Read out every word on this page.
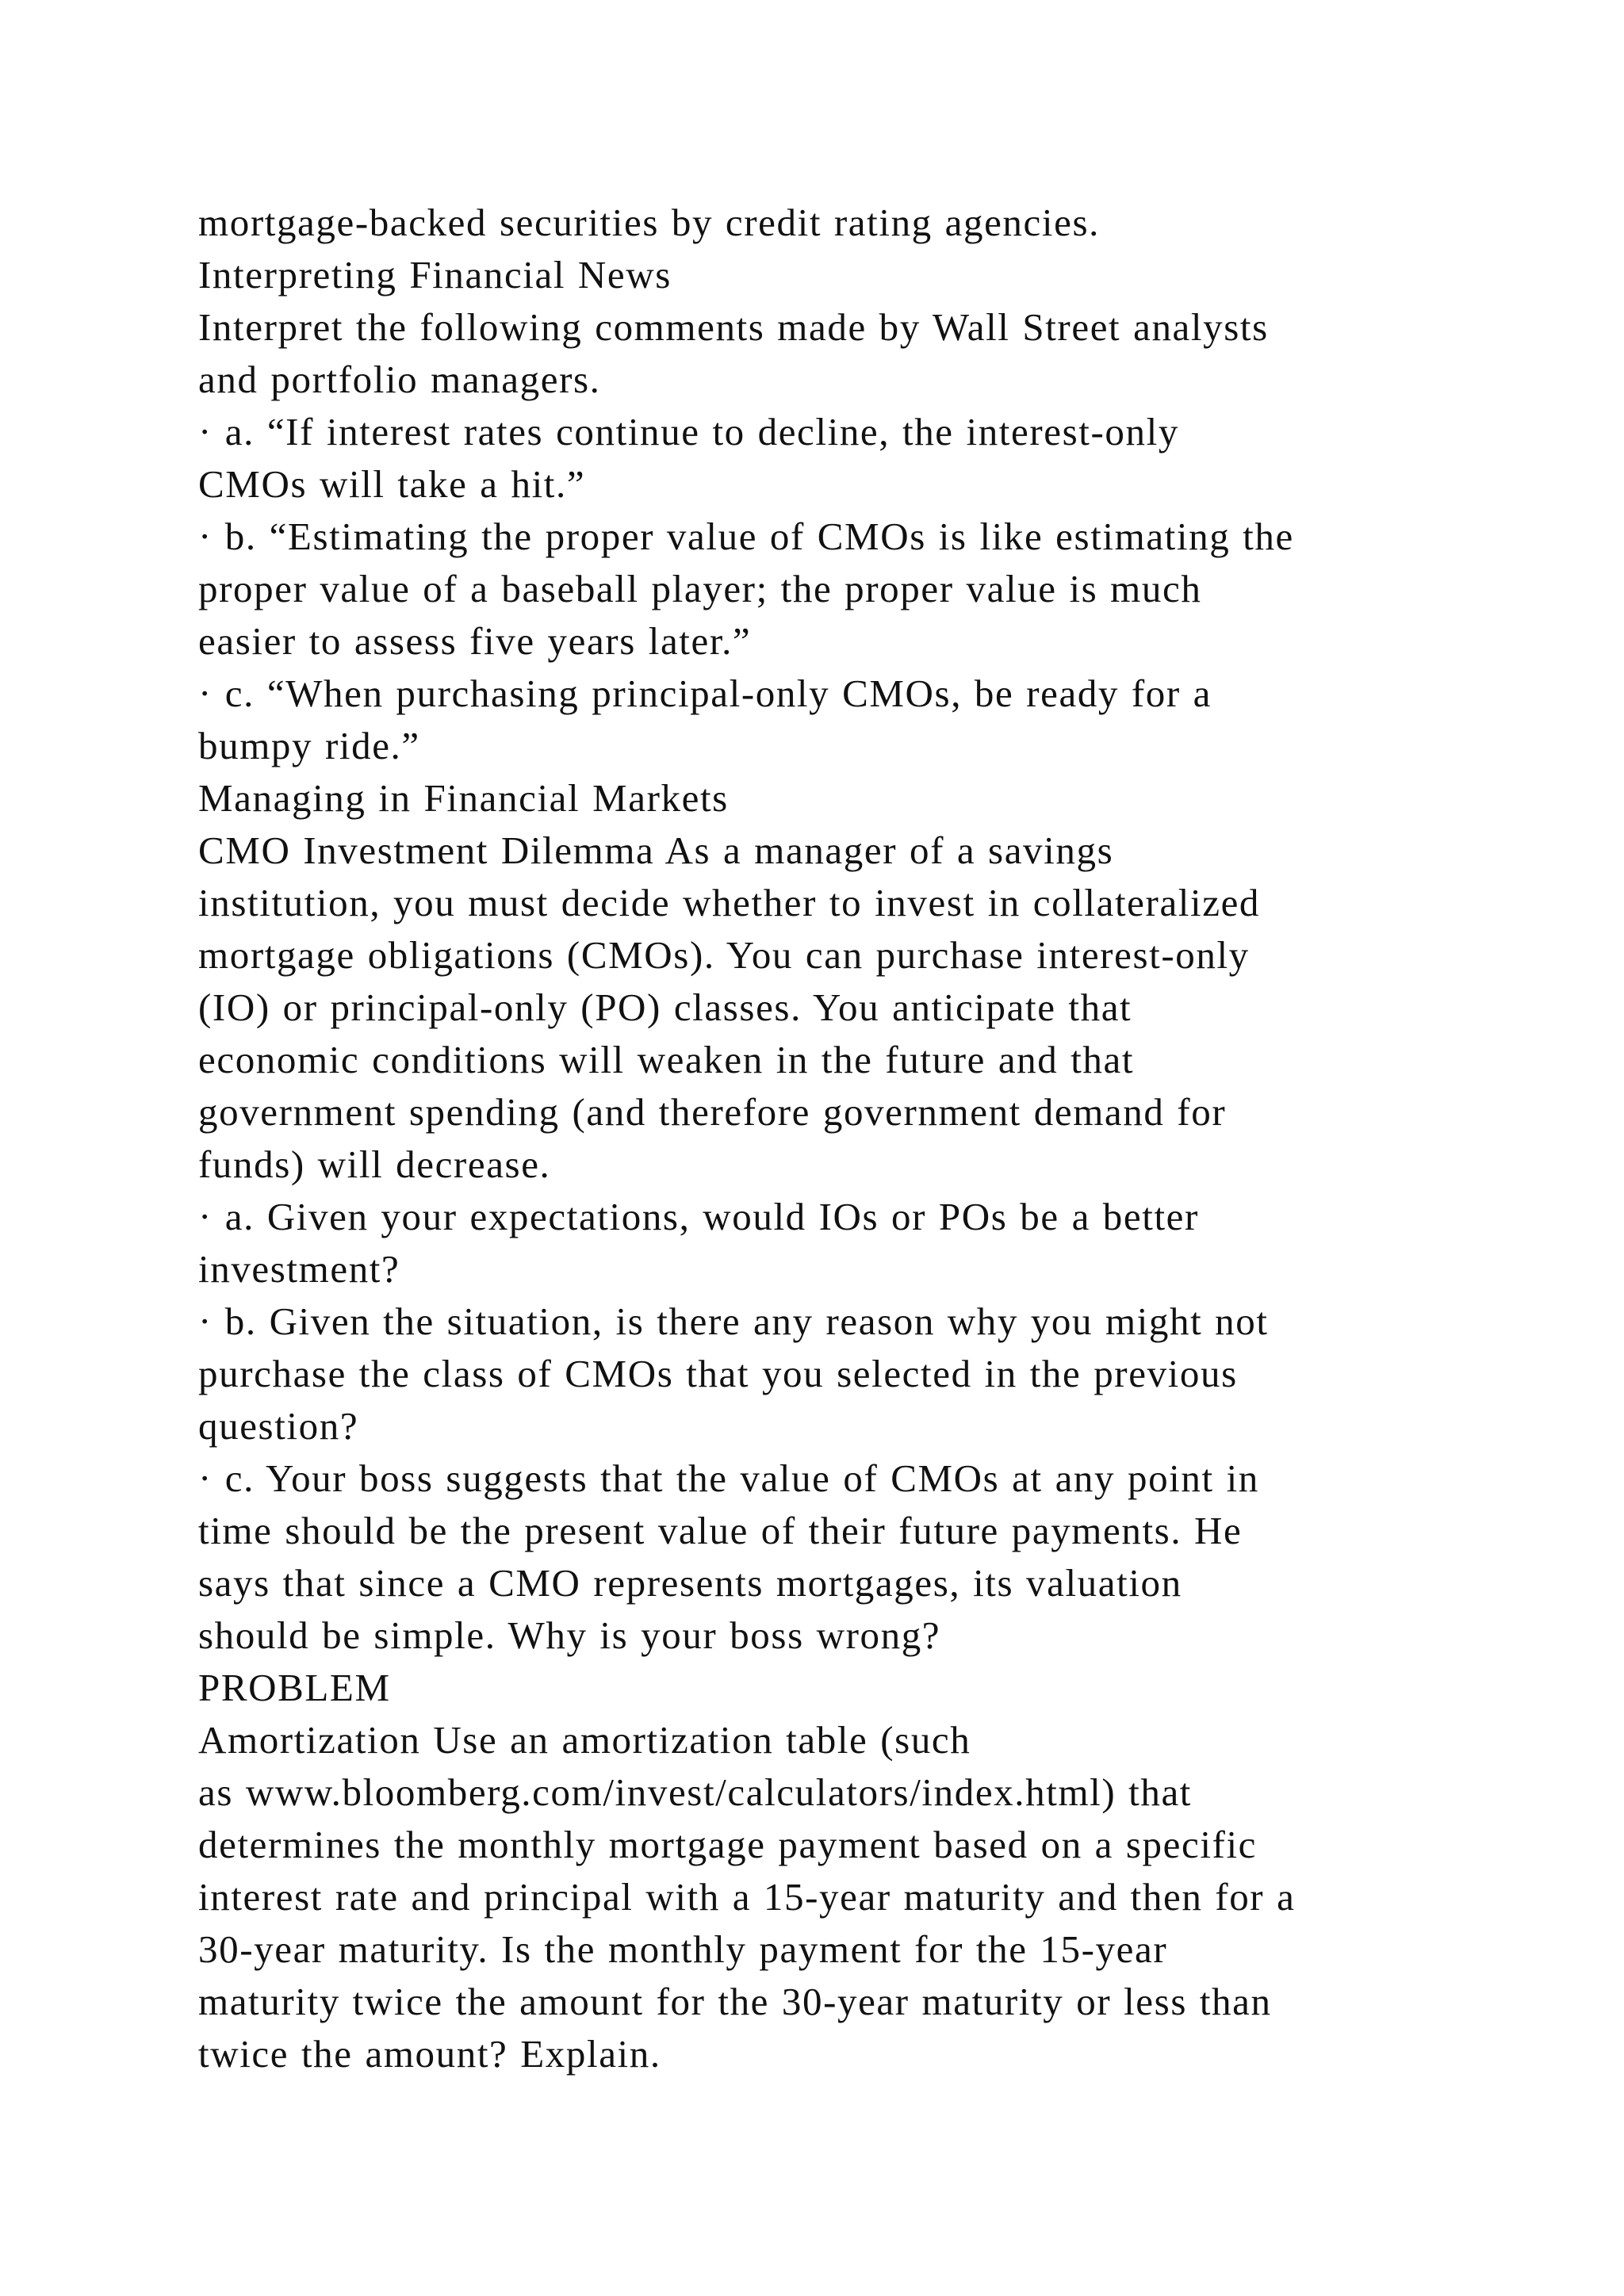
mortgage-backed securities by credit rating agencies.
Interpreting Financial News
Interpret the following comments made by Wall Street analysts
and portfolio managers.
· a. “If interest rates continue to decline, the interest-only
CMOs will take a hit.”
· b. “Estimating the proper value of CMOs is like estimating the
proper value of a baseball player; the proper value is much
easier to assess five years later.”
· c. “When purchasing principal-only CMOs, be ready for a
bumpy ride.”
Managing in Financial Markets
CMO Investment Dilemma As a manager of a savings
institution, you must decide whether to invest in collateralized
mortgage obligations (CMOs). You can purchase interest-only
(IO) or principal-only (PO) classes. You anticipate that
economic conditions will weaken in the future and that
government spending (and therefore government demand for
funds) will decrease.
· a. Given your expectations, would IOs or POs be a better
investment?
· b. Given the situation, is there any reason why you might not
purchase the class of CMOs that you selected in the previous
question?
· c. Your boss suggests that the value of CMOs at any point in
time should be the present value of their future payments. He
says that since a CMO represents mortgages, its valuation
should be simple. Why is your boss wrong?
PROBLEM
Amortization Use an amortization table (such
as www.bloomberg.com/invest/calculators/index.html) that
determines the monthly mortgage payment based on a specific
interest rate and principal with a 15-year maturity and then for a
30-year maturity. Is the monthly payment for the 15-year
maturity twice the amount for the 30-year maturity or less than
twice the amount? Explain.
